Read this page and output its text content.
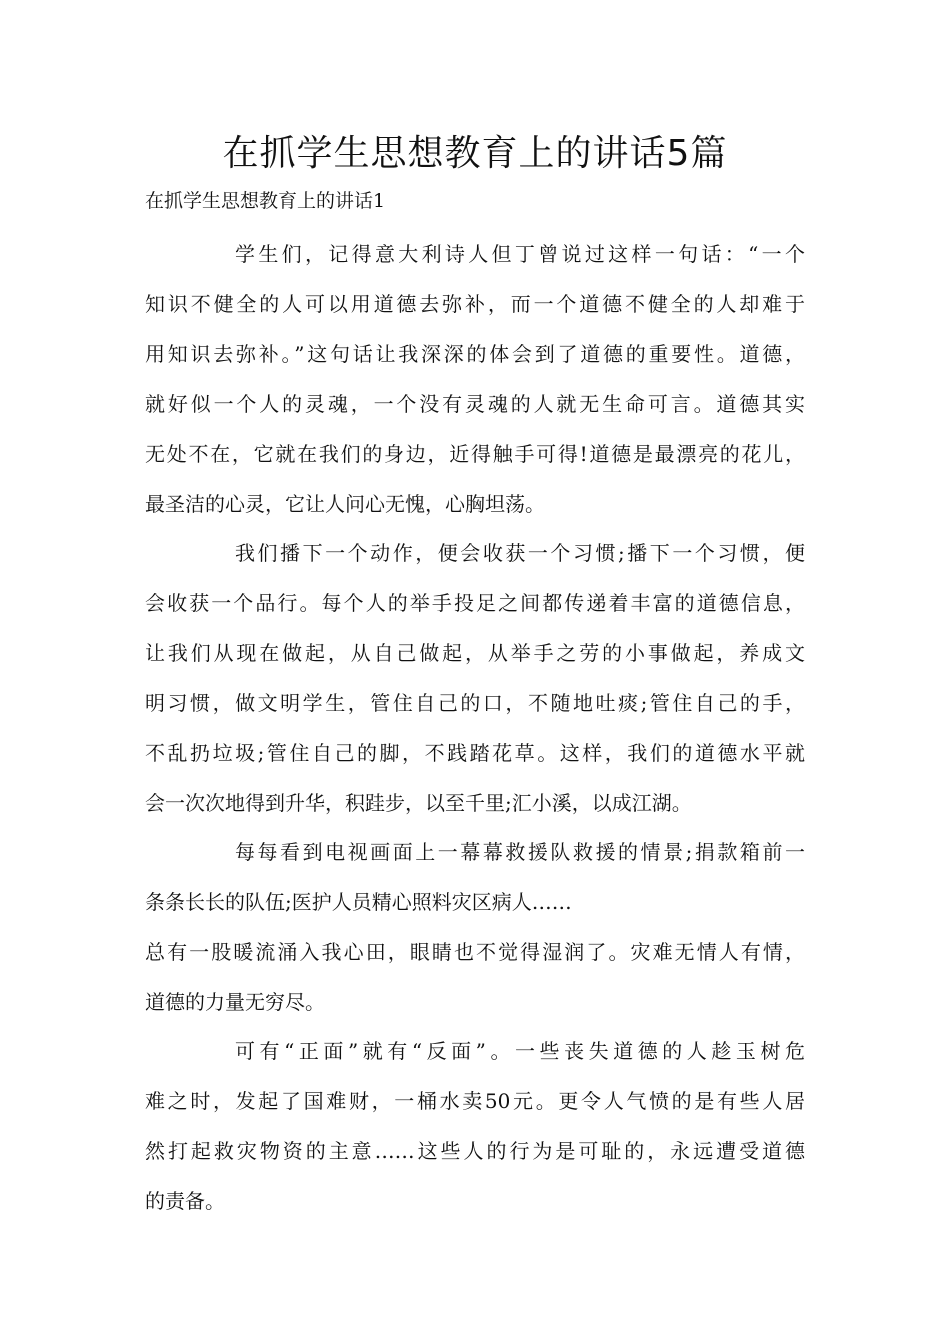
在抓学生思想教育上的讲话5篇

在抓学生思想教育上的讲话1

学生们，记得意大利诗人但丁曾说过这样一句话：“一个

知识不健全的人可以用道德去弥补，而一个道德不健全的人却难于

用知识去弥补。”这句话让我深深的体会到了道德的重要性。道德，

就好似一个人的灵魂，一个没有灵魂的人就无生命可言。道德其实

无处不在，它就在我们的身边，近得触手可得!道德是最漂亮的花儿，

最圣洁的心灵，它让人问心无愧，心胸坦荡。

我们播下一个动作，便会收获一个习惯;播下一个习惯，便

会收获一个品行。每个人的举手投足之间都传递着丰富的道德信息，

让我们从现在做起，从自己做起，从举手之劳的小事做起，养成文

明习惯，做文明学生，管住自己的口，不随地吐痰;管住自己的手，

不乱扔垃圾;管住自己的脚，不践踏花草。这样，我们的道德水平就

会一次次地得到升华，积跬步，以至千里;汇小溪，以成江湖。

每每看到电视画面上一幕幕救援队救援的情景;捐款箱前一

条条长长的队伍;医护人员精心照料灾区病人……

总有一股暖流涌入我心田，眼睛也不觉得湿润了。灾难无情人有情，

道德的力量无穷尽。

可有“正面”就有“反面”。一些丧失道德的人趁玉树危

难之时，发起了国难财，一桶水卖50元。更令人气愤的是有些人居

然打起救灾物资的主意……这些人的行为是可耻的，永远遭受道德

的责备。
